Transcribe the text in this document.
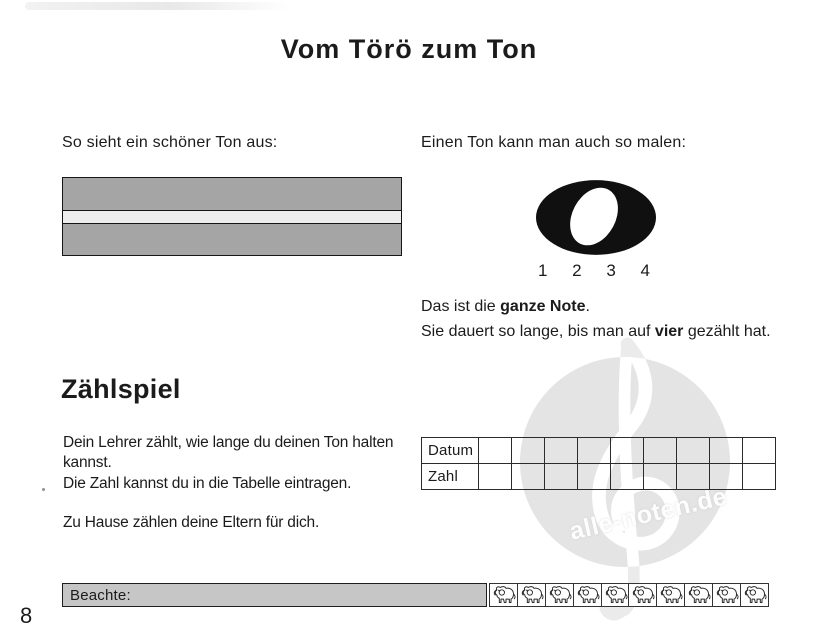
alle-noten.de
Vom Törö zum Ton
So sieht ein schöner Ton aus:	Einen Ton kann man auch so malen:
1 2 3 4
Das ist die ganze Note.
Sie dauert so lange, bis man auf vier gezählt hat.
Zählspiel
Dein Lehrer zählt, wie lange du deinen Ton halten
kannst.
Die Zahl kannst du in die Tabelle eintragen.
Zu Hause zählen deine Eltern für dich.
Datum									
Zahl									
Beachte:
8
